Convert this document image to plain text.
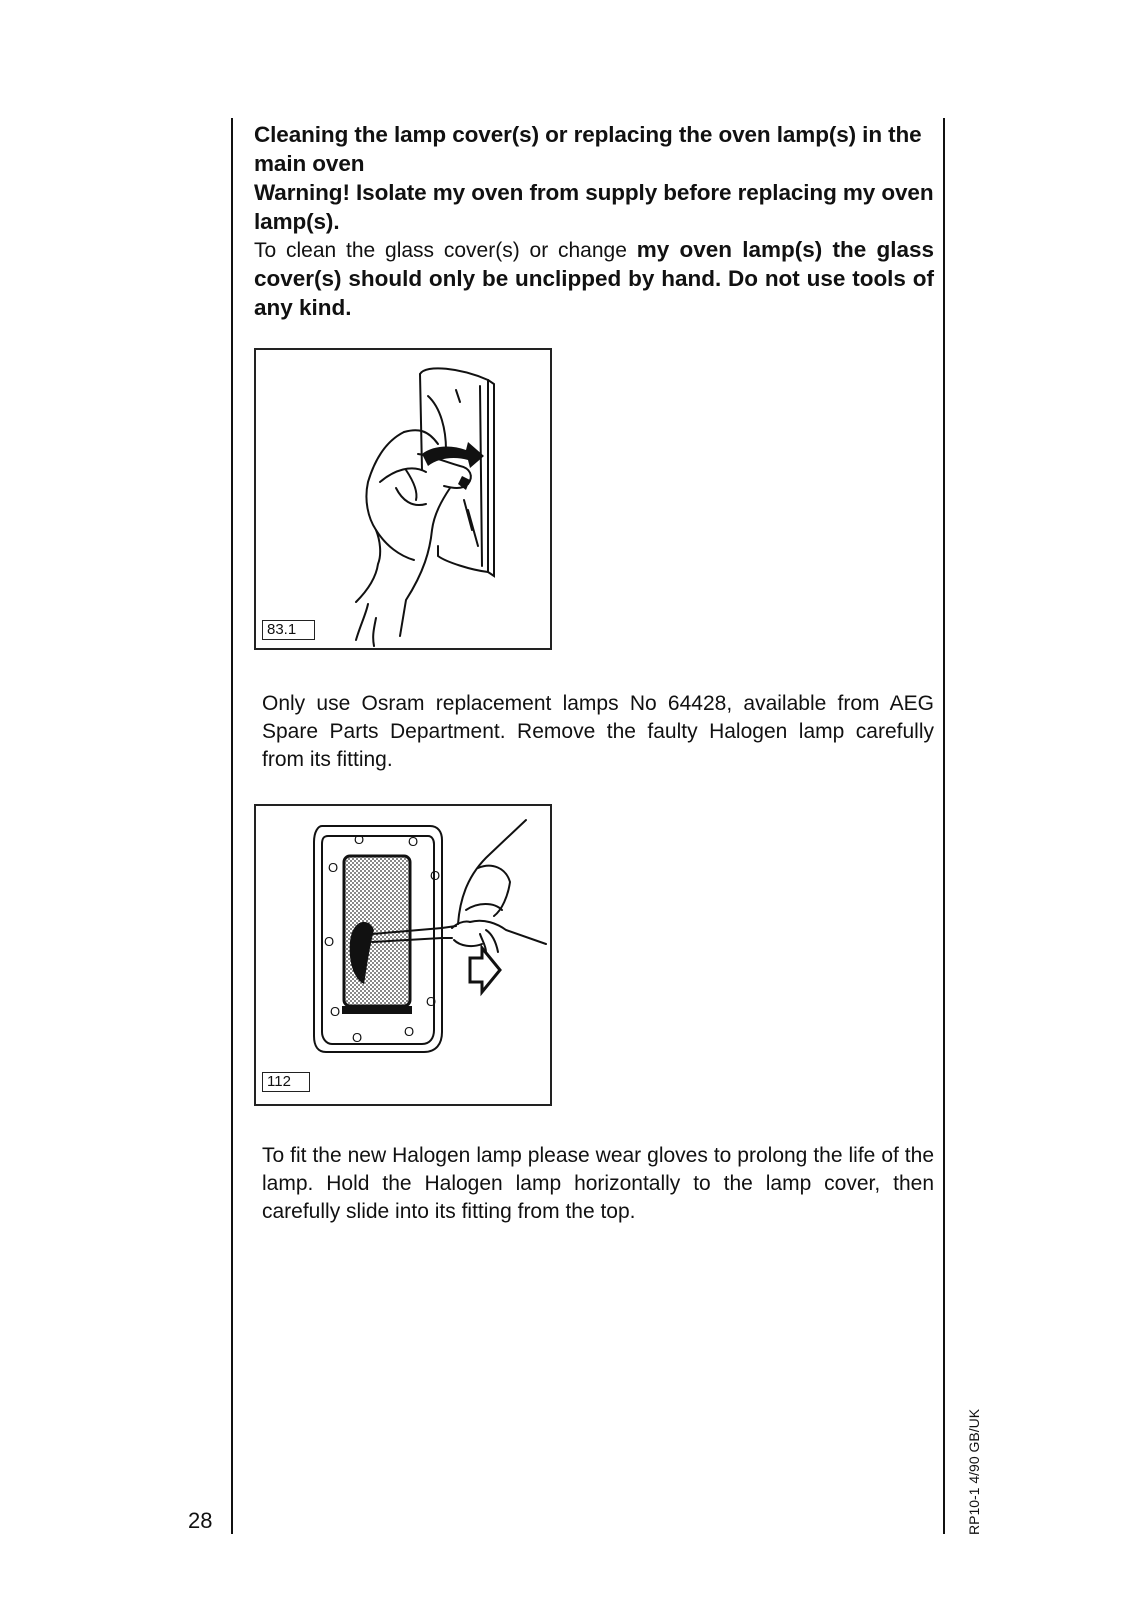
Cleaning the lamp cover(s) or replacing the oven lamp(s) in the main oven
Warning! Isolate my oven from supply before replacing my oven lamp(s).
To clean the glass cover(s) or change my oven lamp(s) the glass cover(s) should only be unclipped by hand. Do not use tools of any kind.
83.1
Only use Osram replacement lamps No 64428, available from AEG Spare Parts Department. Remove the faulty Halogen lamp carefully from its fitting.
O	O
O
O
O
O
O
O	O
112
To fit the new Halogen lamp please wear gloves to prolong the life of the lamp. Hold the Halogen lamp horizontally to the lamp cover, then carefully slide into its fitting from the top.
28	RP10-1 4/90 GB/UK
